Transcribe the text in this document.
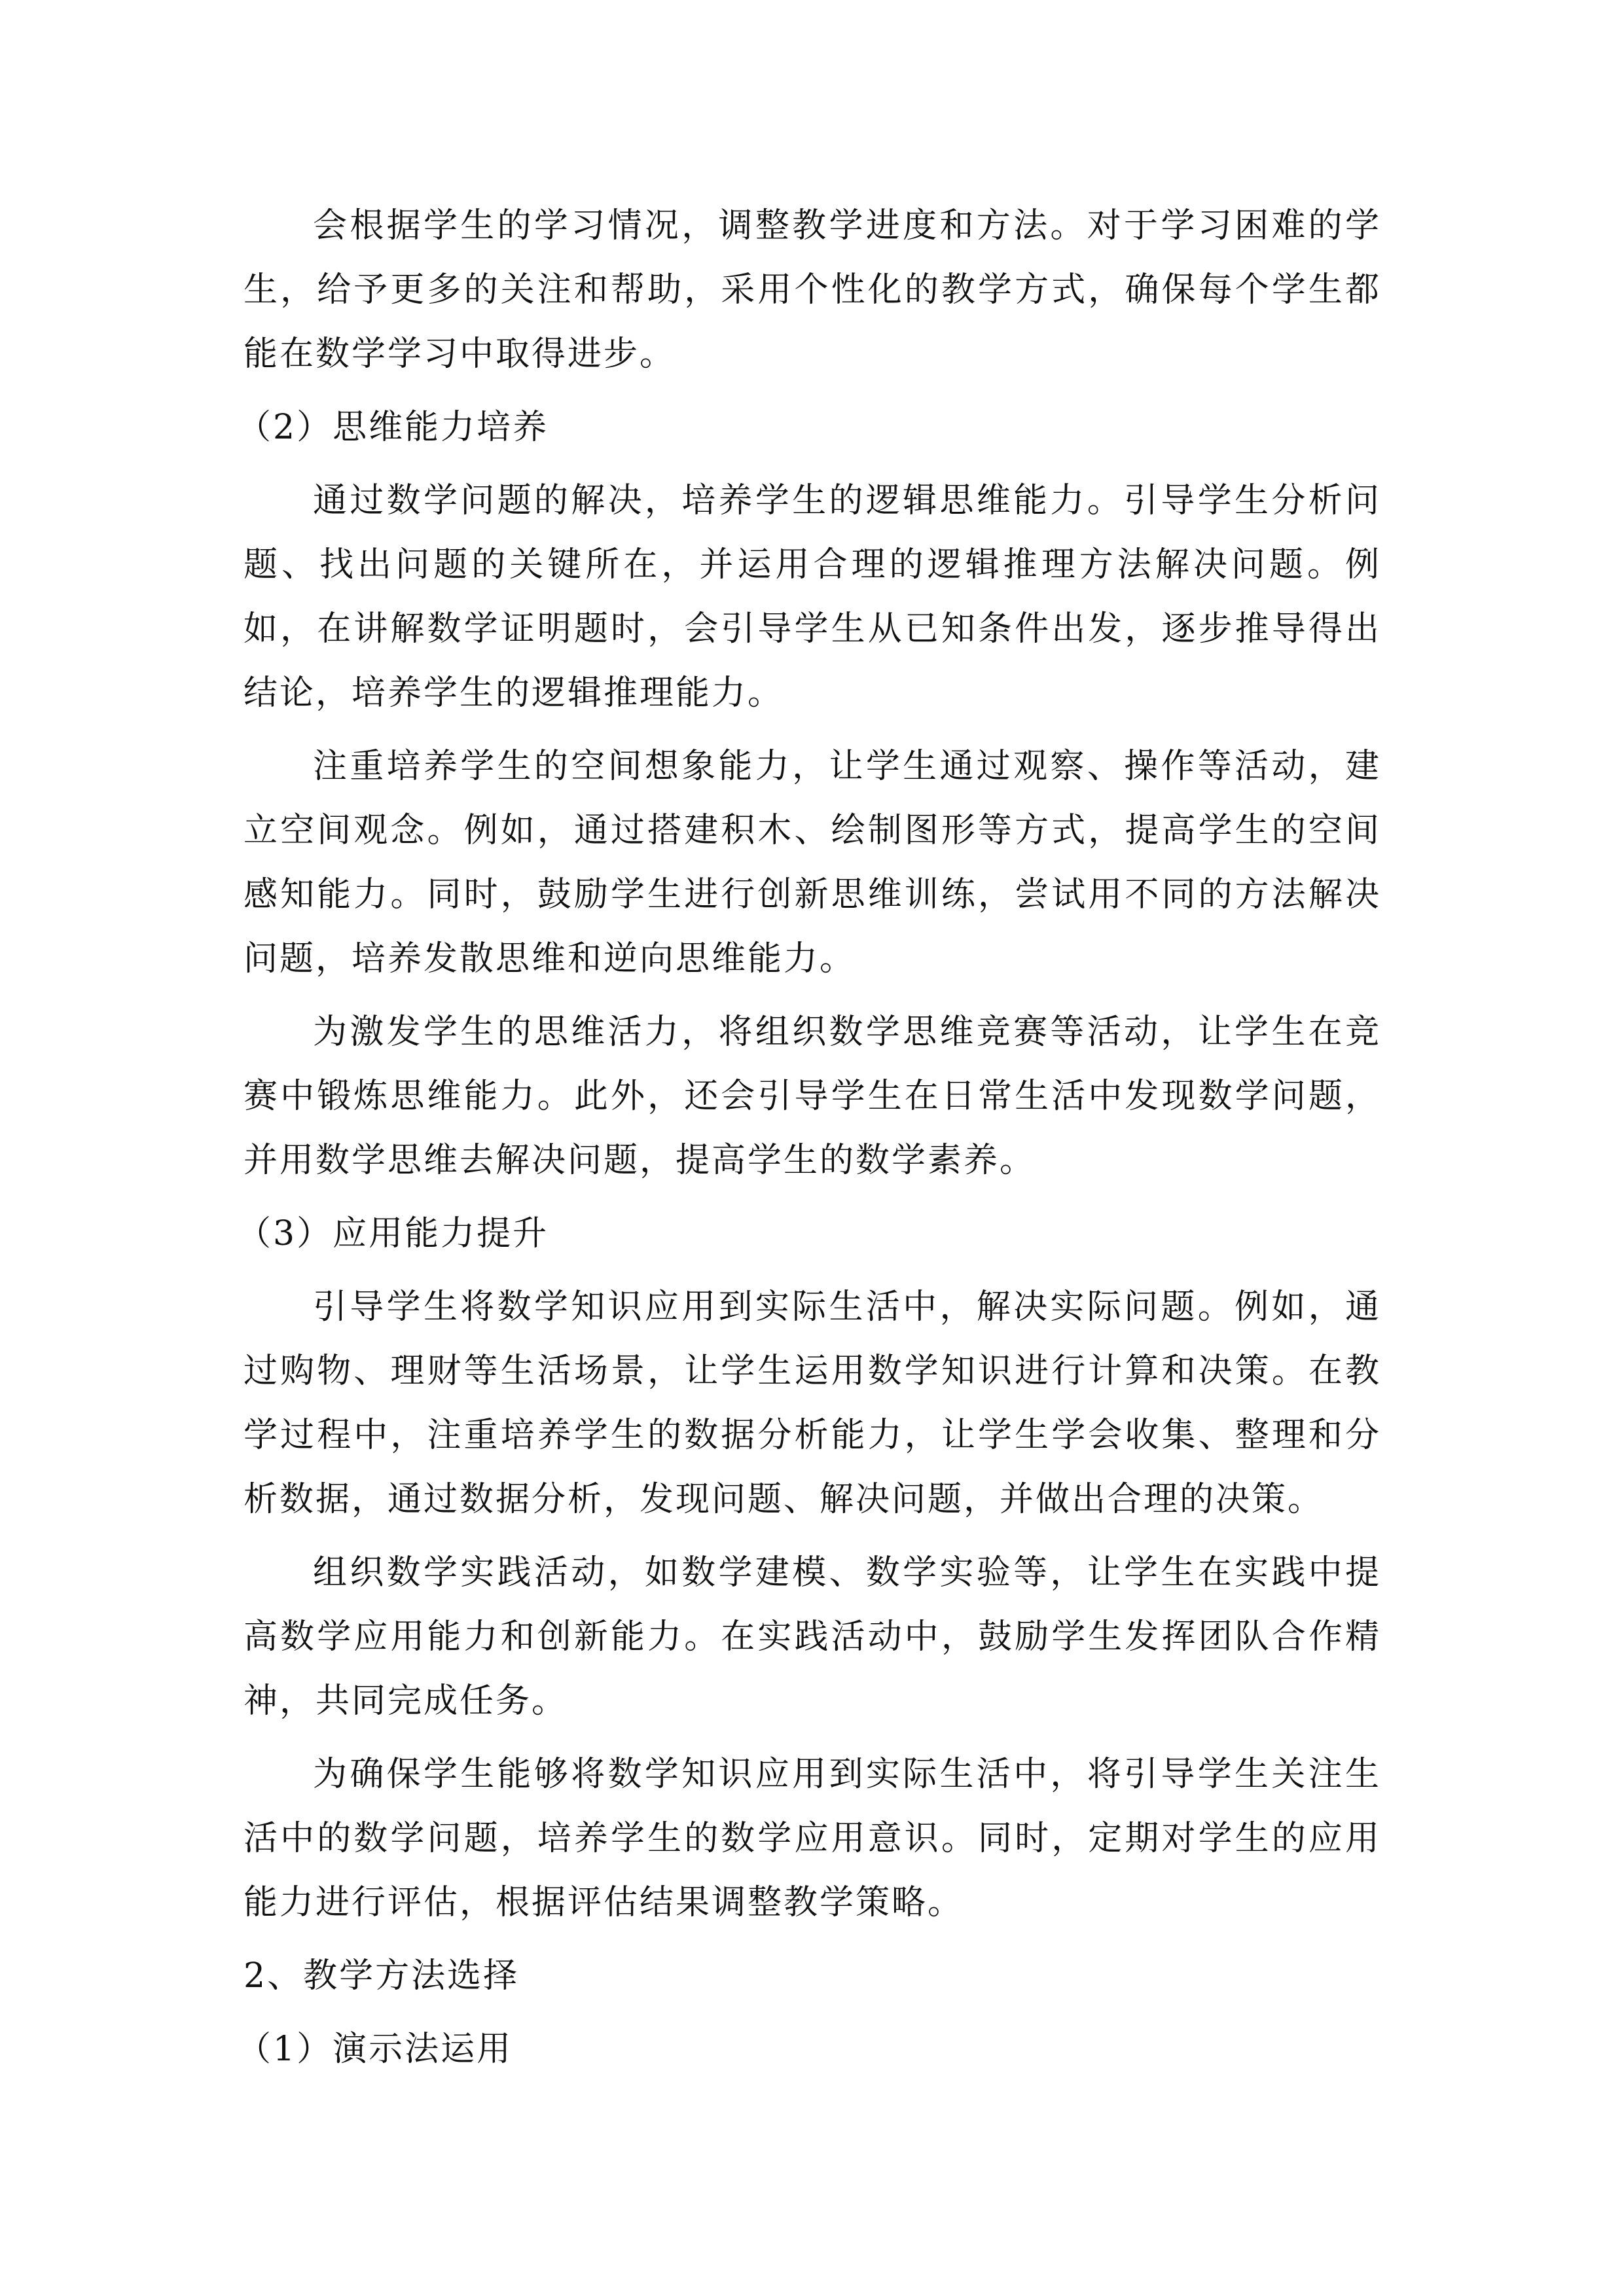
会根据学生的学习情况，调整教学进度和方法。对于学习困难的学生，给予更多的关注和帮助，采用个性化的教学方式，确保每个学生都能在数学学习中取得进步。

（2）思维能力培养

通过数学问题的解决，培养学生的逻辑思维能力。引导学生分析问题、找出问题的关键所在，并运用合理的逻辑推理方法解决问题。例如，在讲解数学证明题时，会引导学生从已知条件出发，逐步推导得出结论，培养学生的逻辑推理能力。

注重培养学生的空间想象能力，让学生通过观察、操作等活动，建立空间观念。例如，通过搭建积木、绘制图形等方式，提高学生的空间感知能力。同时，鼓励学生进行创新思维训练，尝试用不同的方法解决问题，培养发散思维和逆向思维能力。

为激发学生的思维活力，将组织数学思维竞赛等活动，让学生在竞赛中锻炼思维能力。此外，还会引导学生在日常生活中发现数学问题，并用数学思维去解决问题，提高学生的数学素养。

（3）应用能力提升

引导学生将数学知识应用到实际生活中，解决实际问题。例如，通过购物、理财等生活场景，让学生运用数学知识进行计算和决策。在教学过程中，注重培养学生的数据分析能力，让学生学会收集、整理和分析数据，通过数据分析，发现问题、解决问题，并做出合理的决策。

组织数学实践活动，如数学建模、数学实验等，让学生在实践中提高数学应用能力和创新能力。在实践活动中，鼓励学生发挥团队合作精神，共同完成任务。

为确保学生能够将数学知识应用到实际生活中，将引导学生关注生活中的数学问题，培养学生的数学应用意识。同时，定期对学生的应用能力进行评估，根据评估结果调整教学策略。

2、教学方法选择

（1）演示法运用
